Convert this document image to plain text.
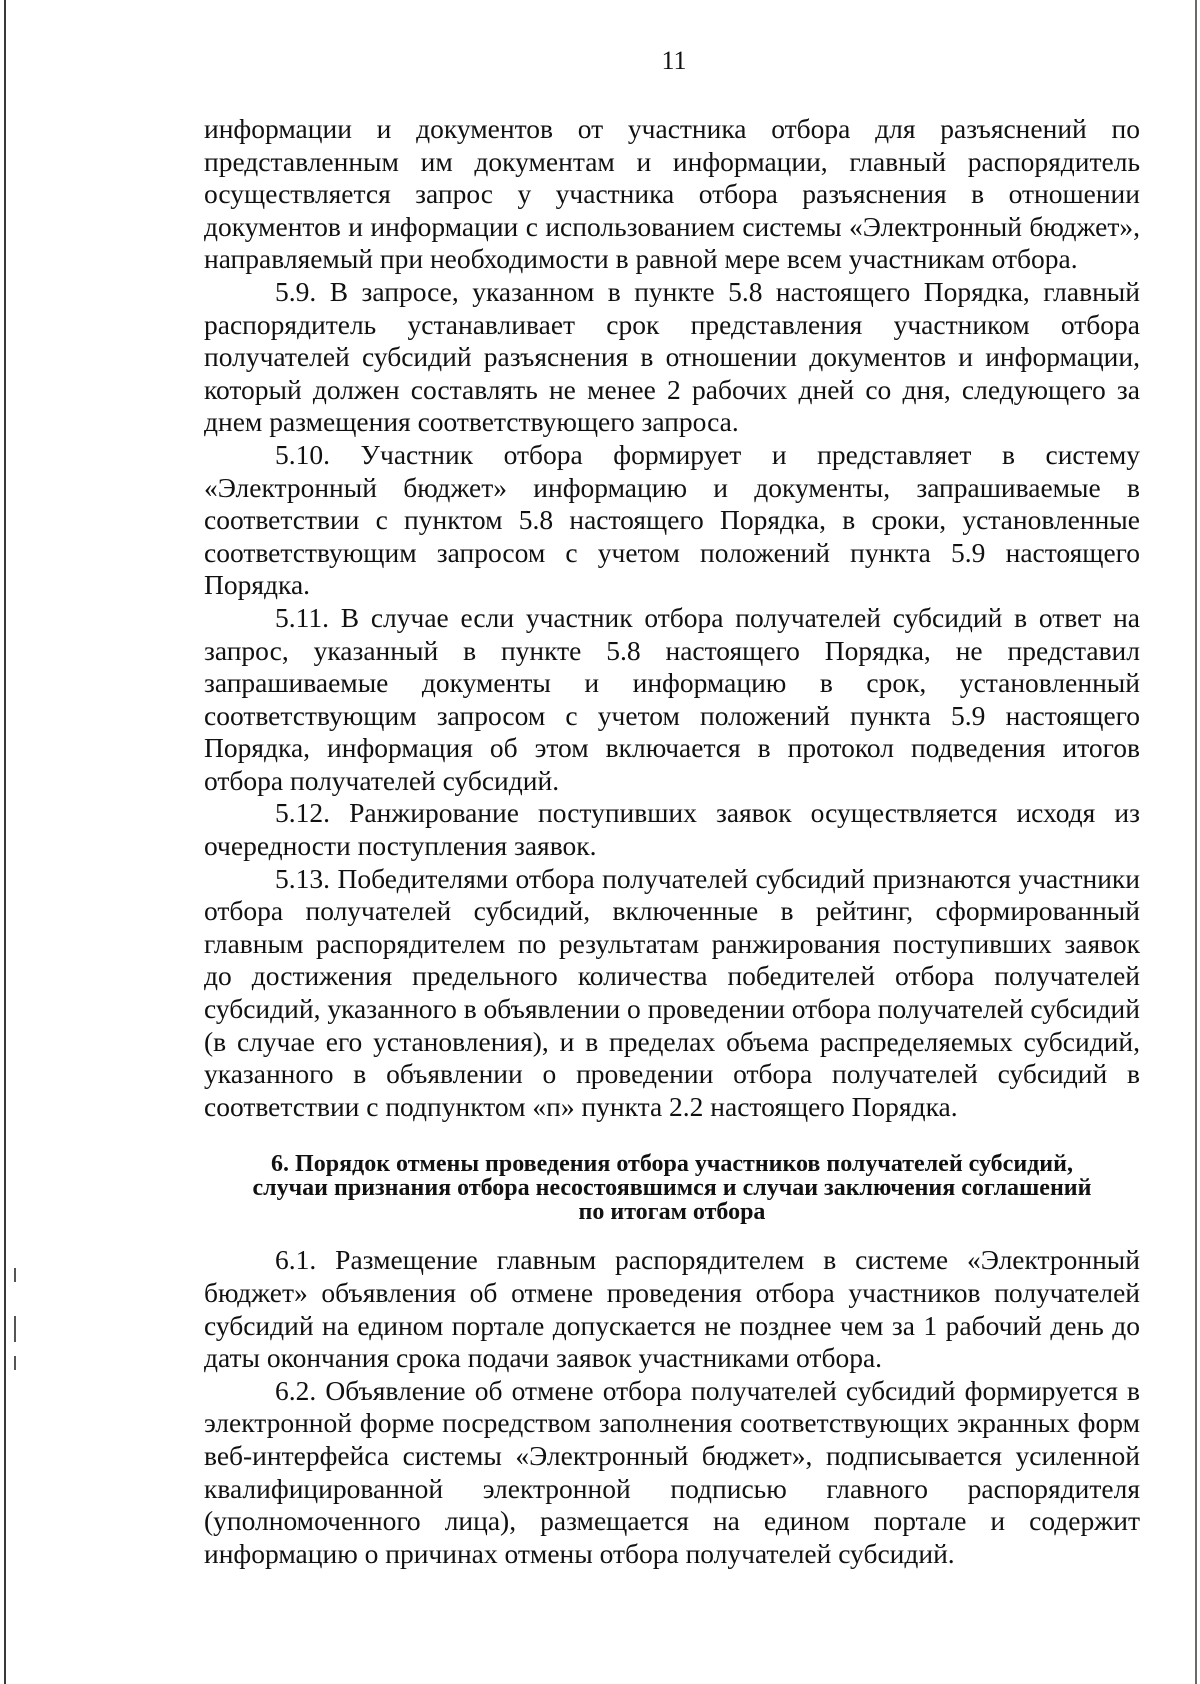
11

информации и документов от участника отбора для разъяснений по представленным им документам и информации, главный распорядитель осуществляется запрос у участника отбора разъяснения в отношении документов и информации с использованием системы «Электронный бюджет», направляемый при необходимости в равной мере всем участникам отбора.

5.9. В запросе, указанном в пункте 5.8 настоящего Порядка, главный распорядитель устанавливает срок представления участником отбора получателей субсидий разъяснения в отношении документов и информации, который должен составлять не менее 2 рабочих дней со дня, следующего за днем размещения соответствующего запроса.

5.10. Участник отбора формирует и представляет в систему «Электронный бюджет» информацию и документы, запрашиваемые в соответствии с пунктом 5.8 настоящего Порядка, в сроки, установленные соответствующим запросом с учетом положений пункта 5.9 настоящего Порядка.

5.11. В случае если участник отбора получателей субсидий в ответ на запрос, указанный в пункте 5.8 настоящего Порядка, не представил запрашиваемые документы и информацию в срок, установленный соответствующим запросом с учетом положений пункта 5.9 настоящего Порядка, информация об этом включается в протокол подведения итогов отбора получателей субсидий.

5.12. Ранжирование поступивших заявок осуществляется исходя из очередности поступления заявок.

5.13. Победителями отбора получателей субсидий признаются участники отбора получателей субсидий, включенные в рейтинг, сформированный главным распорядителем по результатам ранжирования поступивших заявок до достижения предельного количества победителей отбора получателей субсидий, указанного в объявлении о проведении отбора получателей субсидий (в случае его установления), и в пределах объема распределяемых субсидий, указанного в объявлении о проведении отбора получателей субсидий в соответствии с подпунктом «п» пункта 2.2 настоящего Порядка.

6. Порядок отмены проведения отбора участников получателей субсидий,
случаи признания отбора несостоявшимся и случаи заключения соглашений
по итогам отбора

6.1. Размещение главным распорядителем в системе «Электронный бюджет» объявления об отмене проведения отбора участников получателей субсидий на едином портале допускается не позднее чем за 1 рабочий день до даты окончания срока подачи заявок участниками отбора.

6.2. Объявление об отмене отбора получателей субсидий формируется в электронной форме посредством заполнения соответствующих экранных форм веб-интерфейса системы «Электронный бюджет», подписывается усиленной квалифицированной электронной подписью главного распорядителя (уполномоченного лица), размещается на едином портале и содержит информацию о причинах отмены отбора получателей субсидий.
